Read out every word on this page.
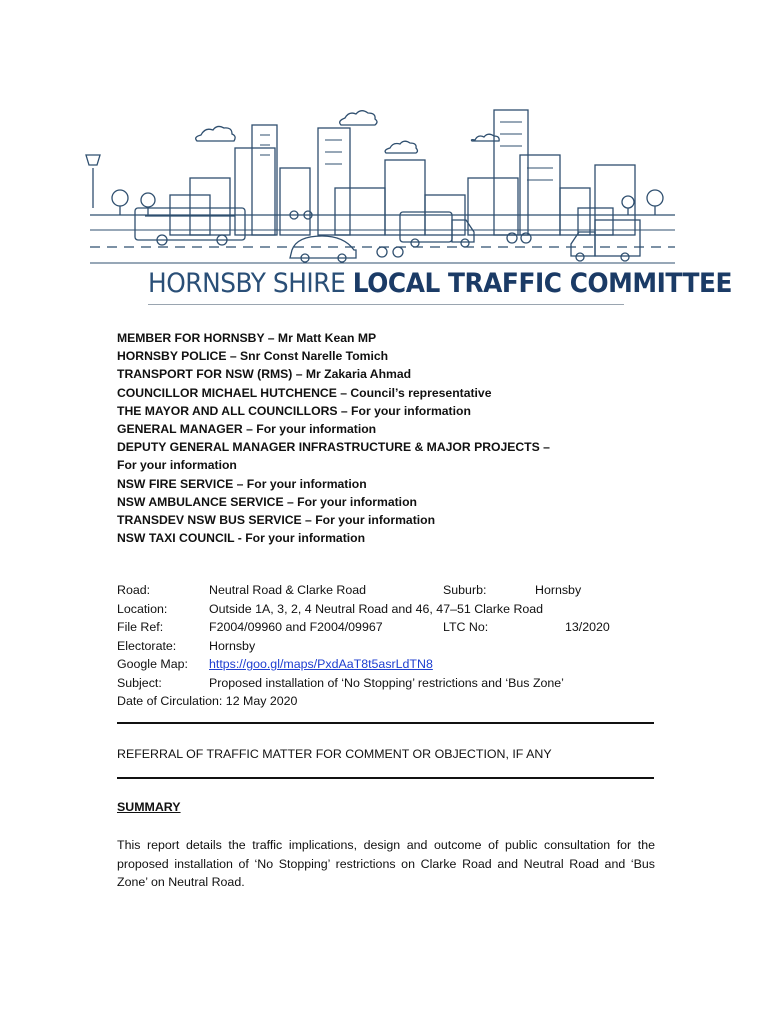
HORNSBY SHIRE LOCAL TRAFFIC COMMITTEE
MEMBER FOR HORNSBY – Mr Matt Kean MP
HORNSBY POLICE – Snr Const Narelle Tomich
TRANSPORT FOR NSW (RMS) – Mr Zakaria Ahmad
COUNCILLOR MICHAEL HUTCHENCE – Council’s representative
THE MAYOR AND ALL COUNCILLORS – For your information
GENERAL MANAGER – For your information
DEPUTY GENERAL MANAGER INFRASTRUCTURE & MAJOR PROJECTS –
For your information
NSW FIRE SERVICE – For your information
NSW AMBULANCE SERVICE – For your information
TRANSDEV NSW BUS SERVICE – For your information
NSW TAXI COUNCIL - For your information
Road:	Neutral Road & Clarke Road	Suburb:	Hornsby
Location:	Outside 1A, 3, 2, 4 Neutral Road and 46, 47–51 Clarke Road
File Ref:	F2004/09960 and F2004/09967	LTC No:	13/2020
Electorate:	Hornsby
Google Map: https://goo.gl/maps/PxdAaT8t5asrLdTN8
Subject:	Proposed installation of ‘No Stopping’ restrictions and ‘Bus Zone’
Date of Circulation: 12 May 2020
REFERRAL OF TRAFFIC MATTER FOR COMMENT OR OBJECTION, IF ANY
SUMMARY
This report details the traffic implications, design and outcome of public consultation for the proposed installation of ‘No Stopping’ restrictions on Clarke Road and Neutral Road and ‘Bus Zone’ on Neutral Road.
